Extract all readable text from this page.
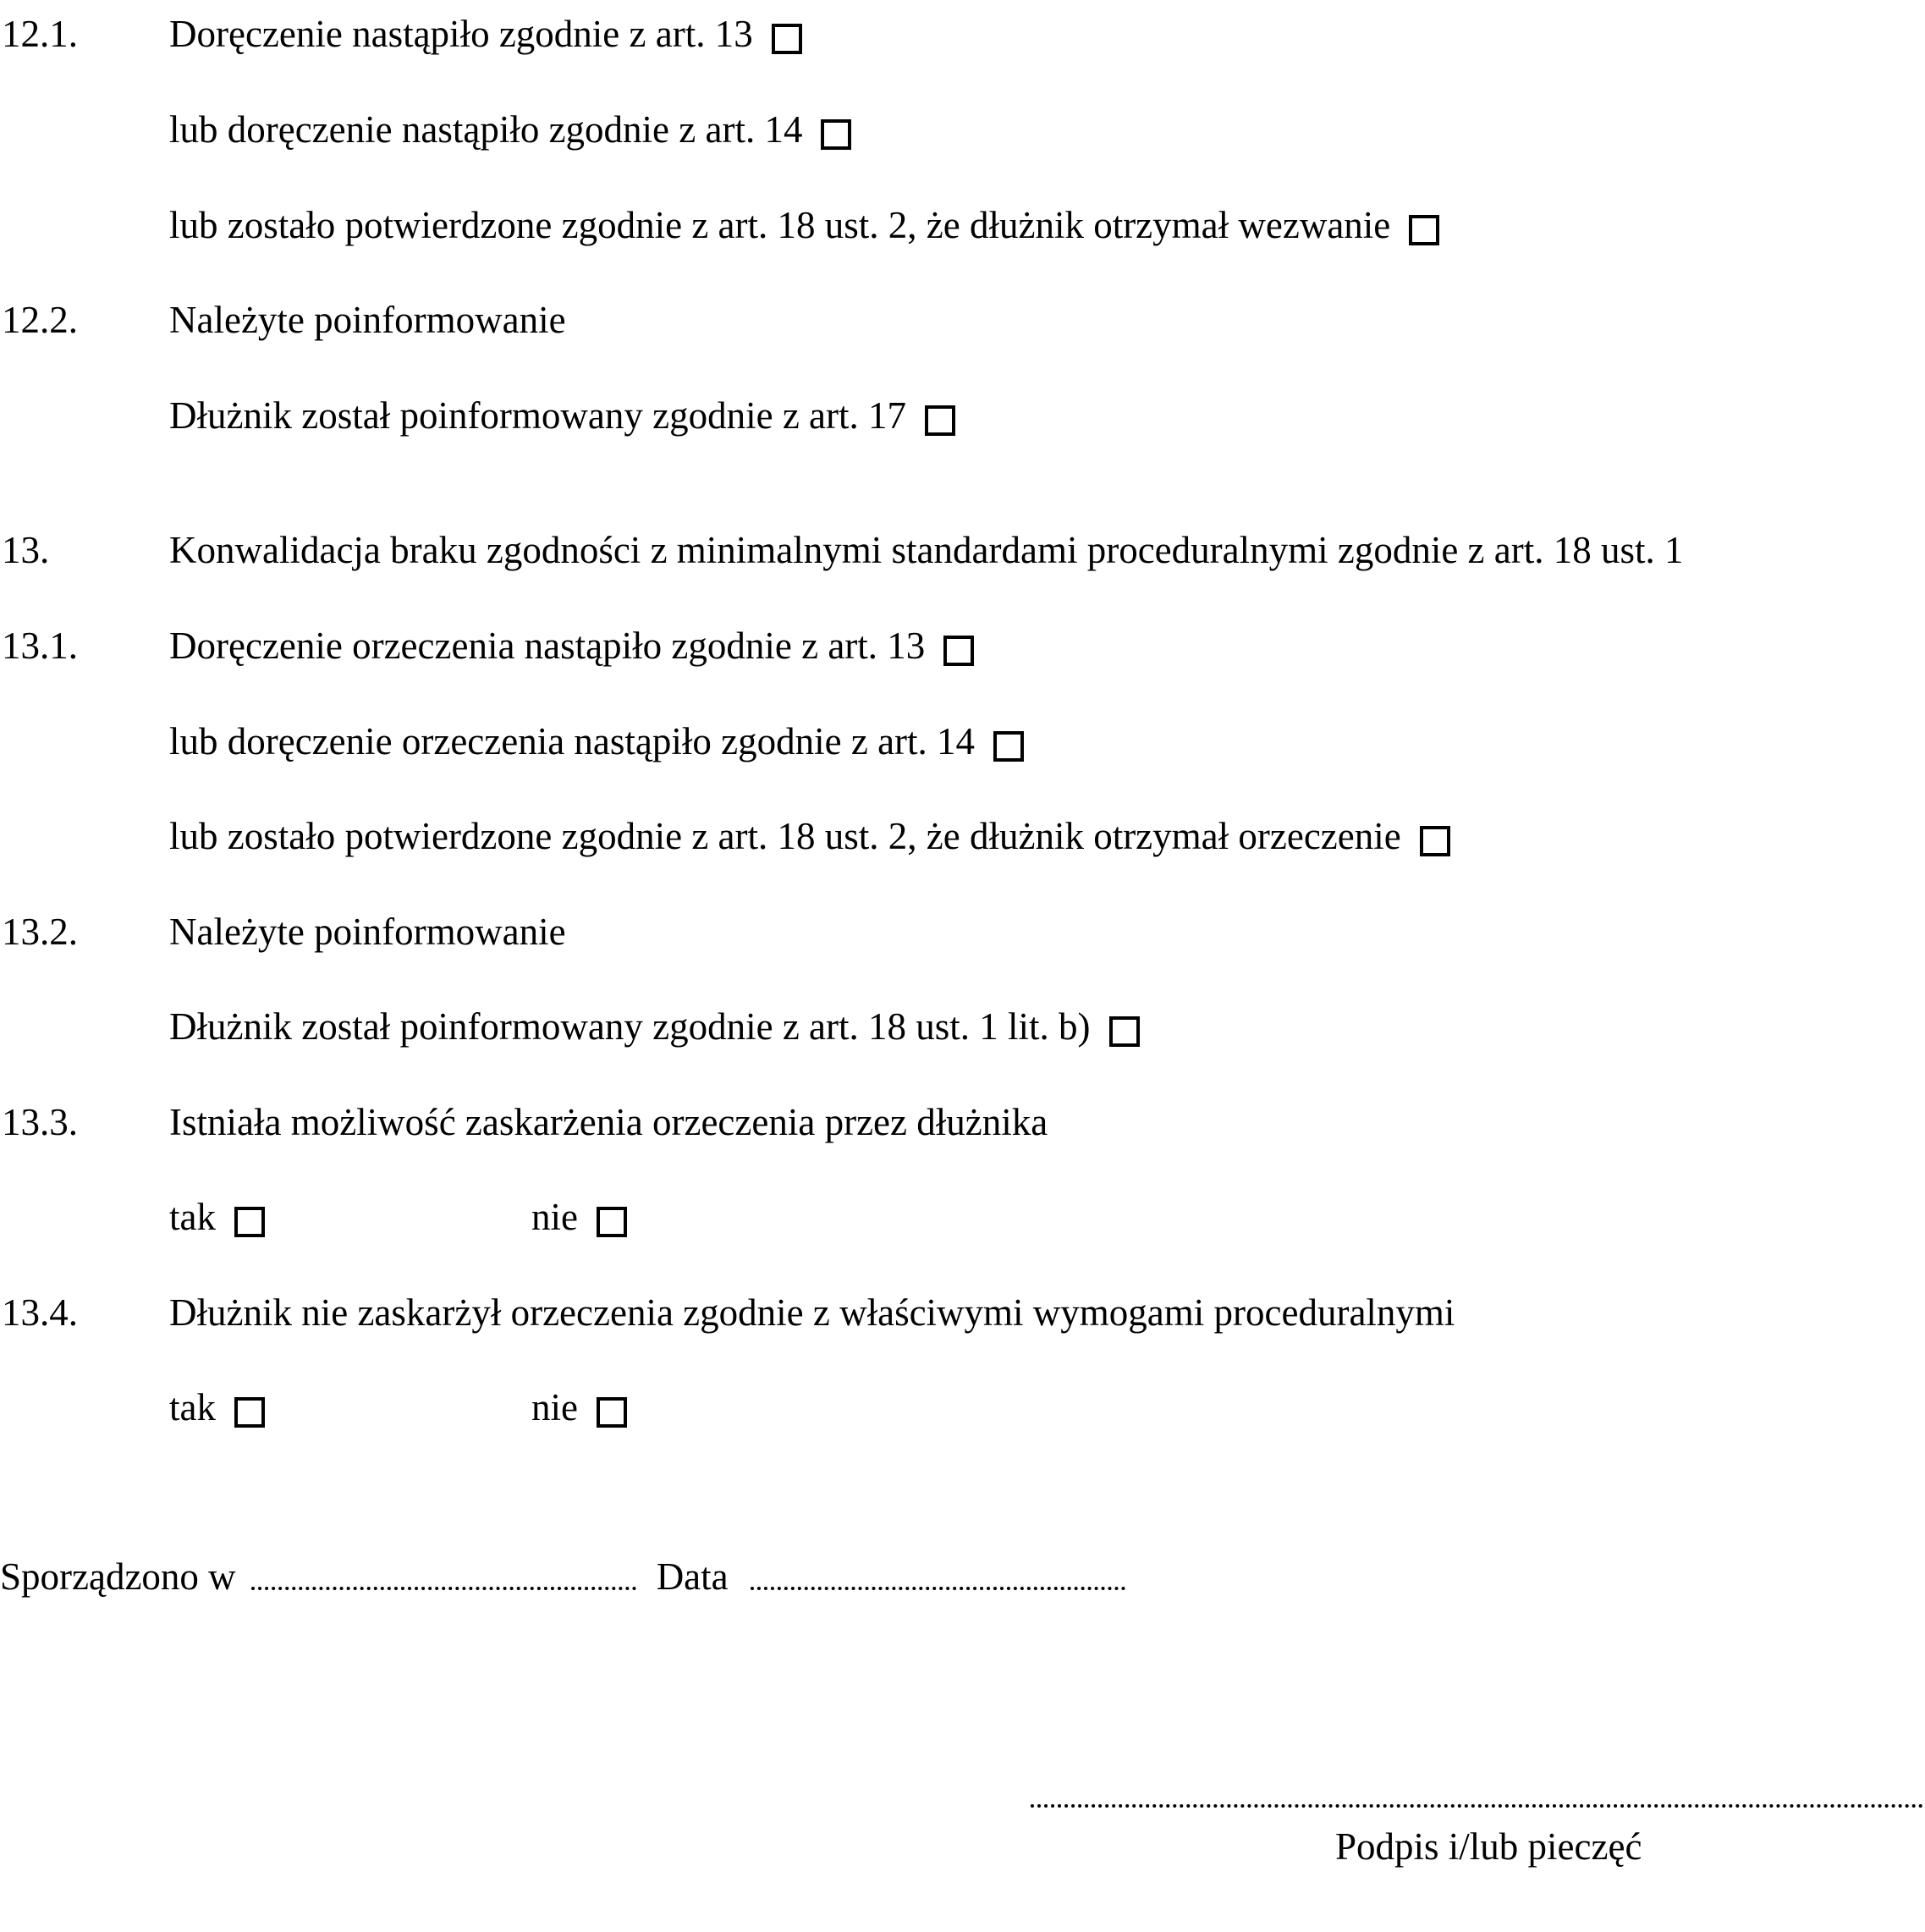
12.1. Doręczenie nastąpiło zgodnie z art. 13
lub doręczenie nastąpiło zgodnie z art. 14
lub zostało potwierdzone zgodnie z art. 18 ust. 2, że dłużnik otrzymał wezwanie
12.2. Należyte poinformowanie
Dłużnik został poinformowany zgodnie z art. 17
13.	Konwalidacja braku zgodności z minimalnymi standardami proceduralnymi zgodnie z art. 18 ust. 1
13.1. Doręczenie orzeczenia nastąpiło zgodnie z art. 13
lub doręczenie orzeczenia nastąpiło zgodnie z art. 14
lub zostało potwierdzone zgodnie z art. 18 ust. 2, że dłużnik otrzymał orzeczenie
13.2. Należyte poinformowanie
Dłużnik został poinformowany zgodnie z art. 18 ust. 1 lit. b)
13.3. Istniała możliwość zaskarżenia orzeczenia przez dłużnika
tak	nie
13.4. Dłużnik nie zaskarżył orzeczenia zgodnie z właściwymi wymogami proceduralnymi
tak	nie
Sporządzono w	Data
Podpis i/lub pieczęć
